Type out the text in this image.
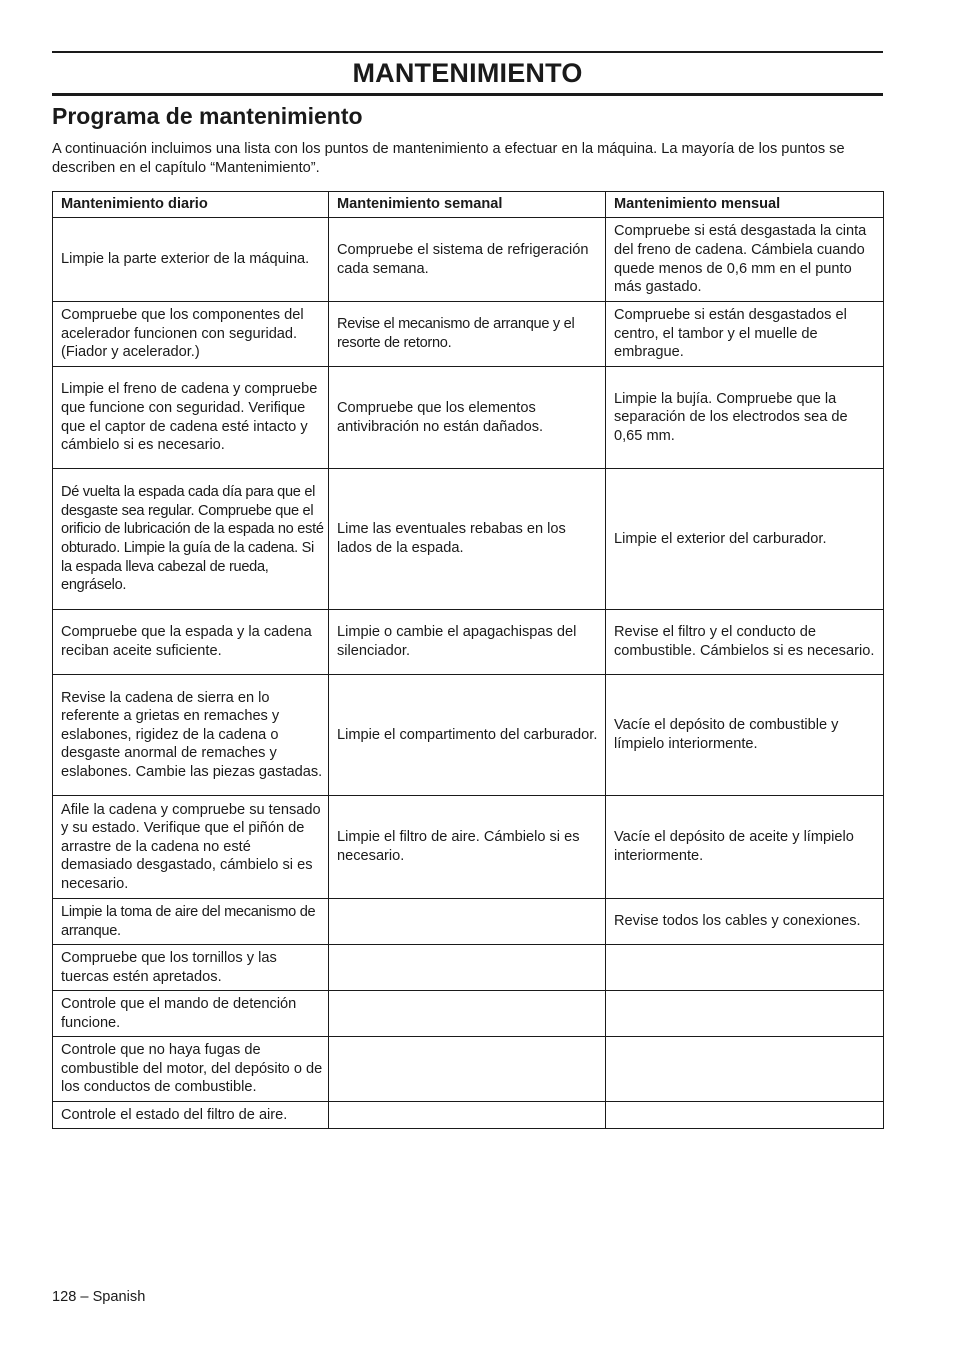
MANTENIMIENTO
Programa de mantenimiento

A continuación incluimos una lista con los puntos de mantenimiento a efectuar en la máquina. La mayoría de los puntos se describen en el capítulo “Mantenimiento”.

Mantenimiento diario	Mantenimiento semanal	Mantenimiento mensual
Limpie la parte exterior de la máquina.	Compruebe el sistema de refrigeración cada semana.	Compruebe si está desgastada la cinta del freno de cadena. Cámbiela cuando quede menos de 0,6 mm en el punto más gastado.
Compruebe que los componentes del acelerador funcionen con seguridad. (Fiador y acelerador.)	Revise el mecanismo de arranque y el resorte de retorno.	Compruebe si están desgastados el centro, el tambor y el muelle de embrague.
Limpie el freno de cadena y compruebe que funcione con seguridad. Verifique que el captor de cadena esté intacto y cámbielo si es necesario.	Compruebe que los elementos antivibración no están dañados.	Limpie la bujía. Compruebe que la separación de los electrodos sea de 0,65 mm.
Dé vuelta la espada cada día para que el desgaste sea regular. Compruebe que el orificio de lubricación de la espada no esté obturado. Limpie la guía de la cadena. Si la espada lleva cabezal de rueda, engráselo.	Lime las eventuales rebabas en los lados de la espada.	Limpie el exterior del carburador.
Compruebe que la espada y la cadena reciban aceite suficiente.	Limpie o cambie el apagachispas del silenciador.	Revise el filtro y el conducto de combustible. Cámbielos si es necesario.
Revise la cadena de sierra en lo referente a grietas en remaches y eslabones, rigidez de la cadena o desgaste anormal de remaches y eslabones. Cambie las piezas gastadas.	Limpie el compartimento del carburador.	Vacíe el depósito de combustible y límpielo interiormente.
Afile la cadena y compruebe su tensado y su estado. Verifique que el piñón de arrastre de la cadena no esté demasiado desgastado, cámbielo si es necesario.	Limpie el filtro de aire. Cámbielo si es necesario.	Vacíe el depósito de aceite y límpielo interiormente.
Limpie la toma de aire del mecanismo de arranque.		Revise todos los cables y conexiones.
Compruebe que los tornillos y las tuercas estén apretados.		
Controle que el mando de detención funcione.		
Controle que no haya fugas de combustible del motor, del depósito o de los conductos de combustible.		
Controle el estado del filtro de aire.		

128 – Spanish
